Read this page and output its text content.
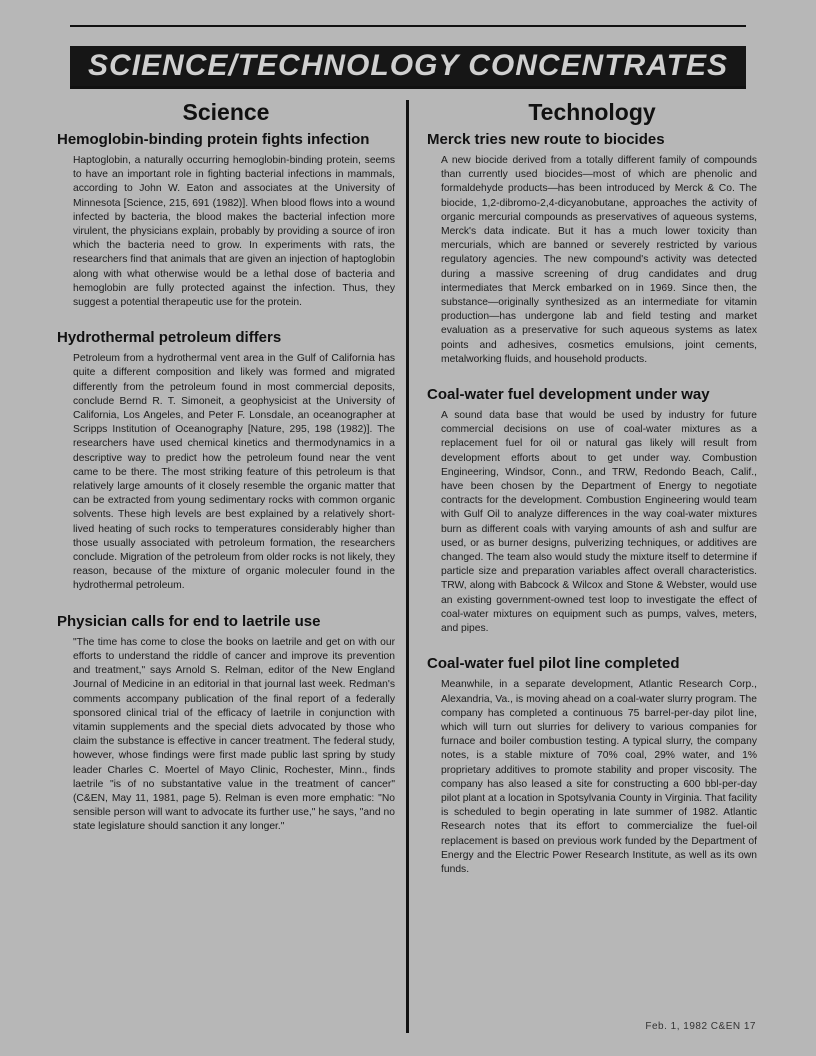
SCIENCE/TECHNOLOGY CONCENTRATES
Science
Hemoglobin-binding protein fights infection

Haptoglobin, a naturally occurring hemoglobin-binding protein, seems to have an important role in fighting bacterial infections in mammals, according to John W. Eaton and associates at the University of Minnesota [Science, 215, 691 (1982)]. When blood flows into a wound infected by bacteria, the blood makes the bacterial infection more virulent, the physicians explain, probably by providing a source of iron which the bacteria need to grow. In experiments with rats, the researchers find that animals that are given an injection of haptoglobin along with what otherwise would be a lethal dose of bacteria and hemoglobin are fully protected against the infection. Thus, they suggest a potential therapeutic use for the protein.

Hydrothermal petroleum differs

Petroleum from a hydrothermal vent area in the Gulf of California has quite a different composition and likely was formed and migrated differently from the petroleum found in most commercial deposits, conclude Bernd R. T. Simoneit, a geophysicist at the University of California, Los Angeles, and Peter F. Lonsdale, an oceanographer at Scripps Institution of Oceanography [Nature, 295, 198 (1982)]. The researchers have used chemical kinetics and thermodynamics in a descriptive way to predict how the petroleum found near the vent came to be there. The most striking feature of this petroleum is that relatively large amounts of it closely resemble the organic matter that can be extracted from young sedimentary rocks with common organic solvents. These high levels are best explained by a relatively short-lived heating of such rocks to temperatures considerably higher than those usually associated with petroleum formation, the researchers conclude. Migration of the petroleum from older rocks is not likely, they reason, because of the mixture of organic moleculer found in the hydrothermal petroleum.

Physician calls for end to laetrile use

"The time has come to close the books on laetrile and get on with our efforts to understand the riddle of cancer and improve its prevention and treatment," says Arnold S. Relman, editor of the New England Journal of Medicine in an editorial in that journal last week. Redman's comments accompany publication of the final report of a federally sponsored clinical trial of the efficacy of laetrile in conjunction with vitamin supplements and the special diets advocated by those who claim the substance is effective in cancer treatment. The federal study, however, whose findings were first made public last spring by study leader Charles C. Moertel of Mayo Clinic, Rochester, Minn., finds laetrile "is of no substantative value in the treatment of cancer" (C&EN, May 11, 1981, page 5). Relman is even more emphatic: "No sensible person will want to advocate its further use," he says, "and no state legislature should sanction it any longer."

Technology
Merck tries new route to biocides

A new biocide derived from a totally different family of compounds than currently used biocides—most of which are phenolic and formaldehyde products—has been introduced by Merck & Co. The biocide, 1,2-dibromo-2,4-dicyanobutane, approaches the activity of organic mercurial compounds as preservatives of aqueous systems, Merck's data indicate. But it has a much lower toxicity than mercurials, which are banned or severely restricted by various regulatory agencies. The new compound's activity was detected during a massive screening of drug candidates and drug intermediates that Merck embarked on in 1969. Since then, the substance—originally synthesized as an intermediate for vitamin production—has undergone lab and field testing and market evaluation as a preservative for such aqueous systems as latex points and adhesives, cosmetics emulsions, joint cements, metalworking fluids, and household products.

Coal-water fuel development under way

A sound data base that would be used by industry for future commercial decisions on use of coal-water mixtures as a replacement fuel for oil or natural gas likely will result from development efforts about to get under way. Combustion Engineering, Windsor, Conn., and TRW, Redondo Beach, Calif., have been chosen by the Department of Energy to negotiate contracts for the development. Combustion Engineering would team with Gulf Oil to analyze differences in the way coal-water mixtures burn as different coals with varying amounts of ash and sulfur are used, or as burner designs, pulverizing techniques, or additives are changed. The team also would study the mixture itself to determine if particle size and preparation variables affect overall characteristics. TRW, along with Babcock & Wilcox and Stone & Webster, would use an existing government-owned test loop to investigate the effect of coal-water mixtures on equipment such as pumps, valves, meters, and pipes.

Coal-water fuel pilot line completed

Meanwhile, in a separate development, Atlantic Research Corp., Alexandria, Va., is moving ahead on a coal-water slurry program. The company has completed a continuous 75 barrel-per-day pilot line, which will turn out slurries for delivery to various companies for furnace and boiler combustion testing. A typical slurry, the company notes, is a stable mixture of 70% coal, 29% water, and 1% proprietary additives to promote stability and proper viscosity. The company has also leased a site for constructing a 600 bbl-per-day pilot plant at a location in Spotsylvania County in Virginia. That facility is scheduled to begin operating in late summer of 1982. Atlantic Research notes that its effort to commercialize the fuel-oil replacement is based on previous work funded by the Department of Energy and the Electric Power Research Institute, as well as its own funds.

Feb. 1, 1982 C&EN 17
